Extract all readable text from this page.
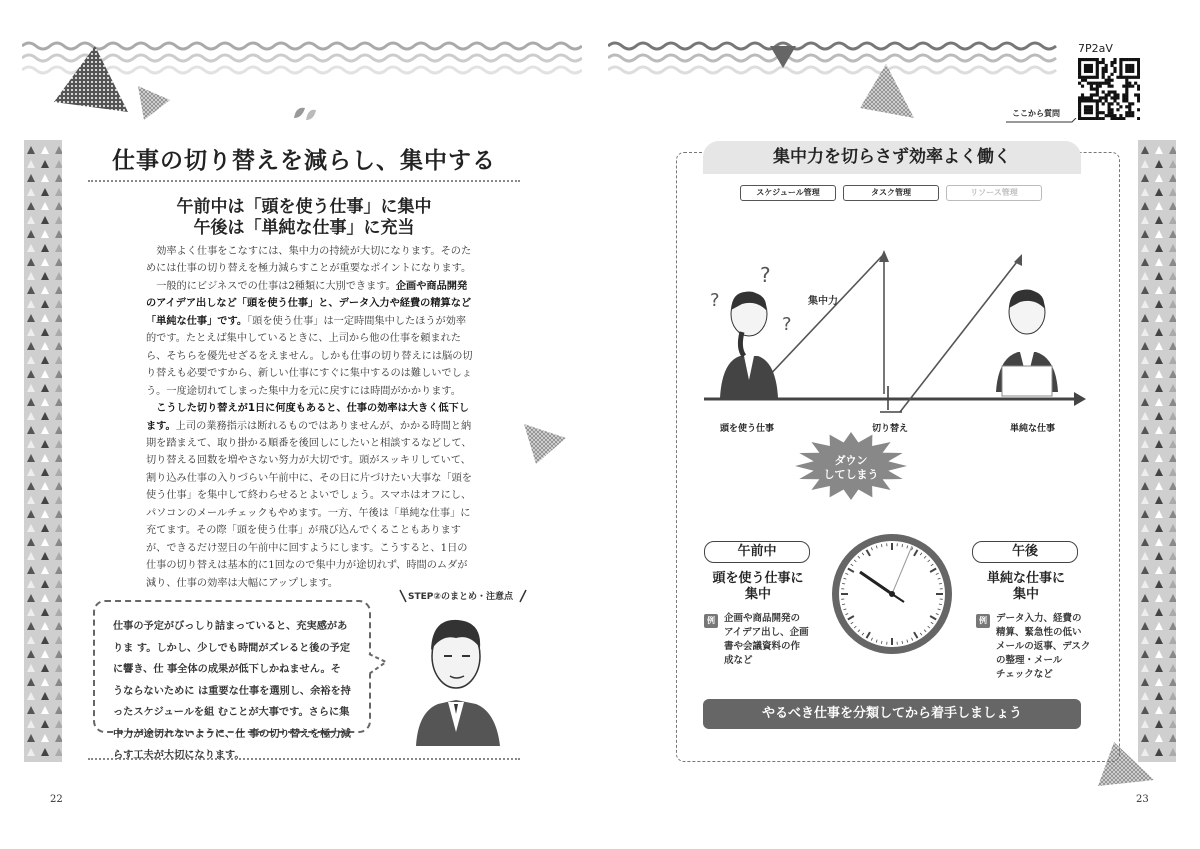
仕事の切り替えを減らし、集中する
午前中は「頭を使う仕事」に集中
午後は「単純な仕事」に充当

効率よく仕事をこなすには、集中力の持続が大切になります。そのためには仕事の切り替えを極力減らすことが重要なポイントになります。

一般的にビジネスでの仕事は2種類に大別できます。企画や商品開発のアイデア出しなど「頭を使う仕事」と、データ入力や経費の精算など「単純な仕事」です。「頭を使う仕事」は一定時間集中したほうが効率的です。たとえば集中しているときに、上司から他の仕事を頼まれたら、そちらを優先せざるをえません。しかも仕事の切り替えには脳の切り替えも必要ですから、新しい仕事にすぐに集中するのは難しいでしょう。一度途切れてしまった集中力を元に戻すには時間がかかります。

こうした切り替えが1日に何度もあると、仕事の効率は大きく低下します。上司の業務指示は断れるものではありませんが、かかる時間と納期を踏まえて、取り掛かる順番を後回しにしたいと相談するなどして、切り替える回数を増やさない努力が大切です。頭がスッキリしていて、割り込み仕事の入りづらい午前中に、その日に片づけたい大事な「頭を使う仕事」を集中して終わらせるとよいでしょう。スマホはオフにし、パソコンのメールチェックもやめます。一方、午後は「単純な仕事」に充てます。その際「頭を使う仕事」が飛び込んでくることもありますが、できるだけ翌日の午前中に回すようにします。こうすると、1日の仕事の切り替えは基本的に1回なので集中力が途切れず、時間のムダが減り、仕事の効率は大幅にアップします。

STEP②のまとめ・注意点
仕事の予定がびっしり詰まっていると、充実感がありま す。しかし、少しでも時間がズレると後の予定に響き、仕 事全体の成果が低下しかねません。そうならないために は重要な仕事を選別し、余裕を持ったスケジュールを組 むことが大事です。さらに集中力が途切れないように、仕 事の切り替えを極力減らす工夫が大切になります。
22
7P2aV
ここから質問
集中力を切らさず効率よく働く
スケジュール管理	タスク管理	リソース管理
?
?
?
集中力
ダウン
してしまう
頭を使う仕事	切り替え	単純な仕事
午前中
頭を使う仕事に
集中
例 企画や商品開発の
アイデア出し、企画
書や会議資料の作
成など
午後
単純な仕事に
集中
例 データ入力、経費の
精算、緊急性の低い
メールの返事、デスク
の整理・メール
チェックなど
やるべき仕事を分類してから着手しましょう
23
